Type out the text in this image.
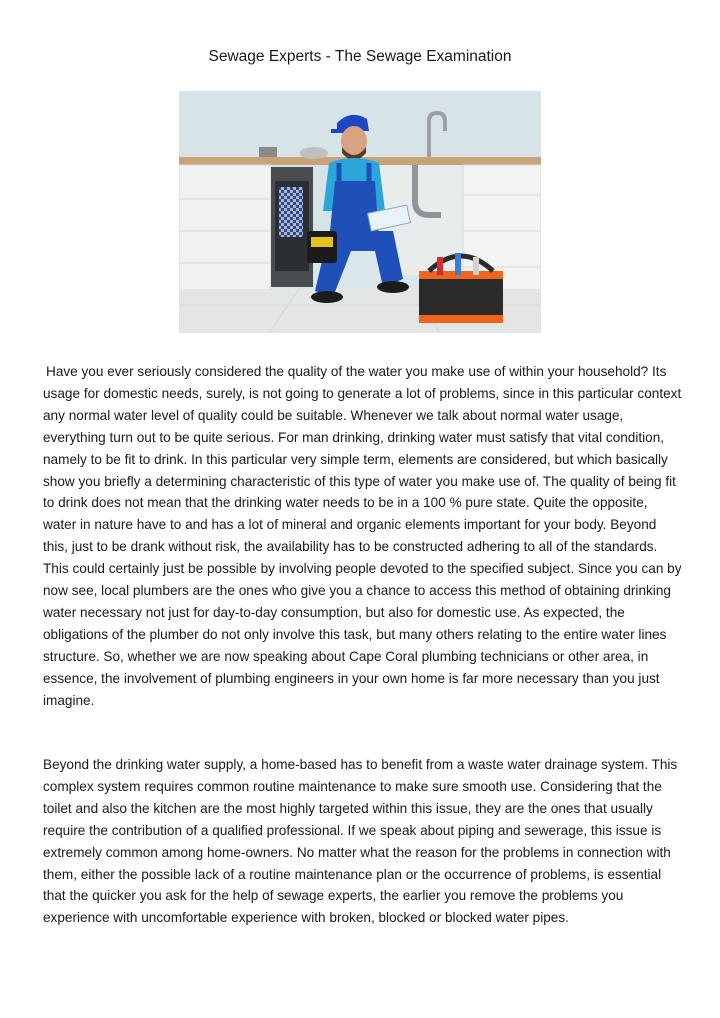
Sewage Experts - The Sewage Examination

Have you ever seriously considered the quality of the water you make use of within your household? Its usage for domestic needs, surely, is not going to generate a lot of problems, since in this particular context any normal water level of quality could be suitable. Whenever we talk about normal water usage, everything turn out to be quite serious. For man drinking, drinking water must satisfy that vital condition, namely to be fit to drink. In this particular very simple term, elements are considered, but which basically show you briefly a determining characteristic of this type of water you make use of. The quality of being fit to drink does not mean that the drinking water needs to be in a 100 % pure state. Quite the opposite, water in nature have to and has a lot of mineral and organic elements important for your body. Beyond this, just to be drank without risk, the availability has to be constructed adhering to all of the standards. This could certainly just be possible by involving people devoted to the specified subject. Since you can by now see, local plumbers are the ones who give you a chance to access this method of obtaining drinking water necessary not just for day-to-day consumption, but also for domestic use. As expected, the obligations of the plumber do not only involve this task, but many others relating to the entire water lines structure. So, whether we are now speaking about Cape Coral plumbing technicians or other area, in essence, the involvement of plumbing engineers in your own home is far more necessary than you just imagine.

Beyond the drinking water supply, a home-based has to benefit from a waste water drainage system. This complex system requires common routine maintenance to make sure smooth use. Considering that the toilet and also the kitchen are the most highly targeted within this issue, they are the ones that usually require the contribution of a qualified professional. If we speak about piping and sewerage, this issue is extremely common among home-owners. No matter what the reason for the problems in connection with them, either the possible lack of a routine maintenance plan or the occurrence of problems, is essential that the quicker you ask for the help of sewage experts, the earlier you remove the problems you experience with uncomfortable experience with broken, blocked or blocked water pipes.
